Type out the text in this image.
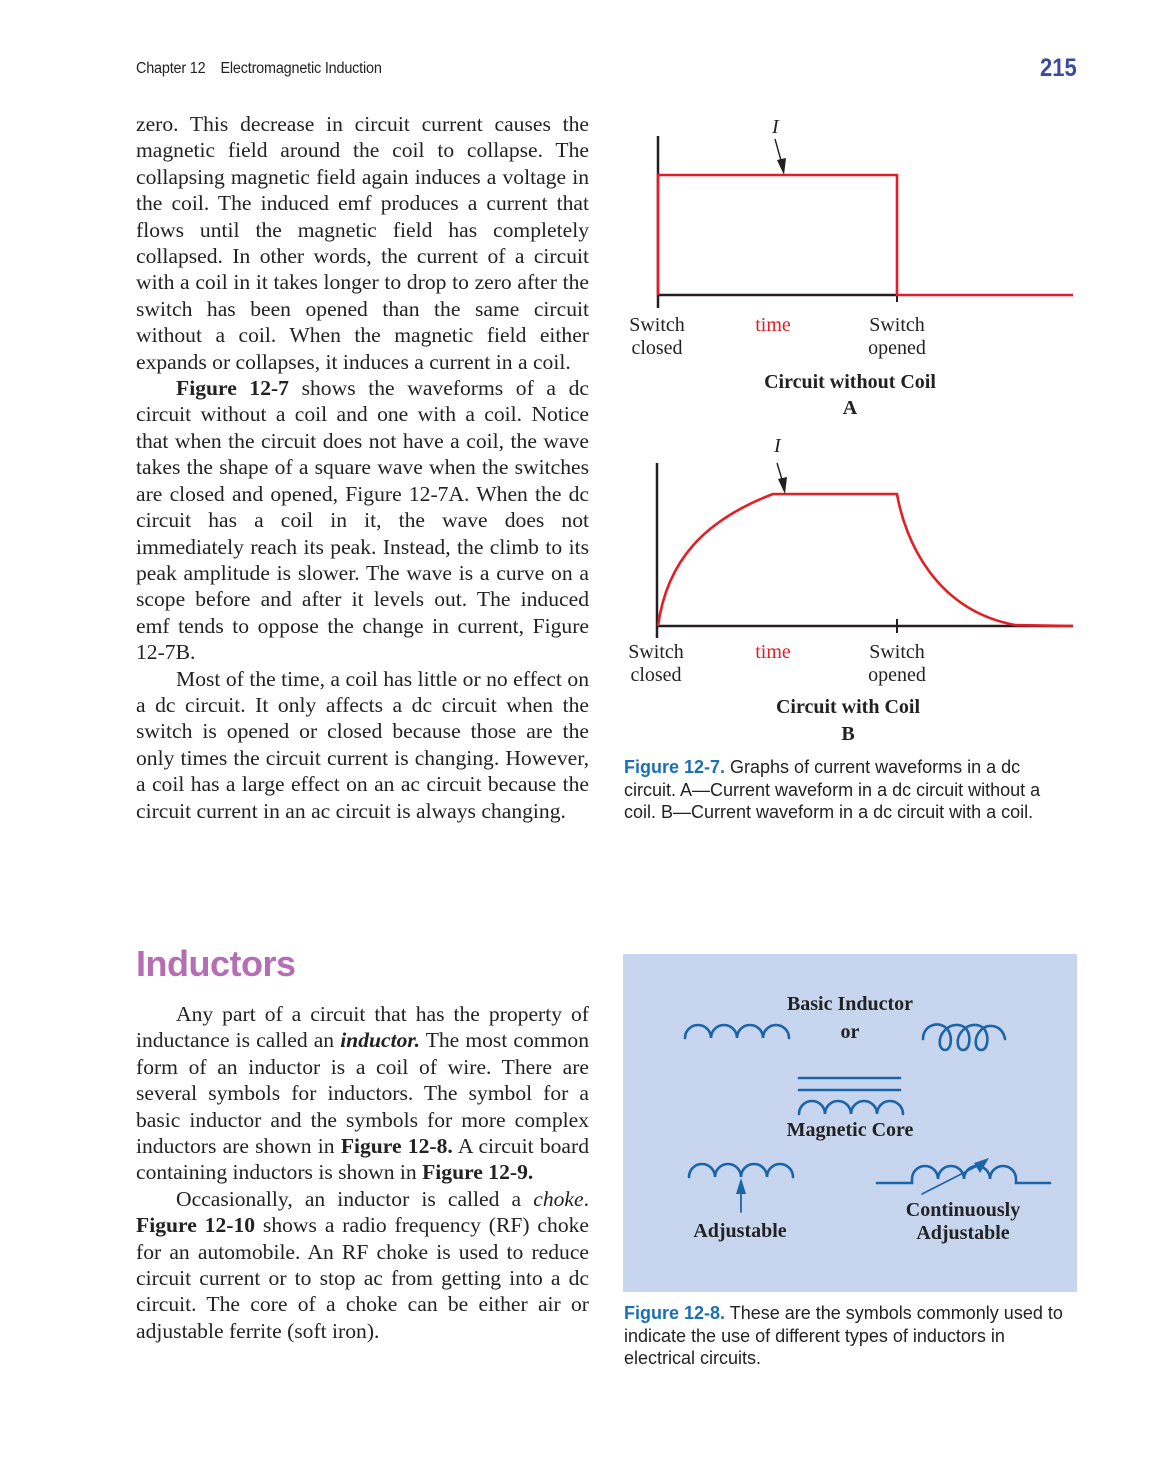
Chapter 12 Electromagnetic Induction	215

zero. This decrease in circuit current causes the magnetic field around the coil to collapse. The collapsing magnetic field again induces a voltage in the coil. The induced emf produces a current that flows until the magnetic field has completely collapsed. In other words, the current of a circuit with a coil in it takes longer to drop to zero after the switch has been opened than the same circuit without a coil. When the magnetic field either expands or collapses, it induces a current in a coil.

Figure 12-7 shows the waveforms of a dc circuit without a coil and one with a coil. Notice that when the circuit does not have a coil, the wave takes the shape of a square wave when the switches are closed and opened, Figure 12-7A. When the dc circuit has a coil in it, the wave does not immediately reach its peak. Instead, the climb to its peak amplitude is slower. The wave is a curve on a scope before and after it levels out. The induced emf tends to oppose the change in current, Figure 12-7B.

Most of the time, a coil has little or no effect on a dc circuit. It only affects a dc circuit when the switch is opened or closed because those are the only times the circuit current is changing. However, a coil has a large effect on an ac circuit because the circuit current in an ac circuit is always changing.

Inductors

Any part of a circuit that has the property of inductance is called an inductor. The most common form of an inductor is a coil of wire. There are several symbols for inductors. The symbol for a basic inductor and the symbols for more complex inductors are shown in Figure 12-8. A circuit board containing inductors is shown in Figure 12-9.

Occasionally, an inductor is called a choke. Figure 12-10 shows a radio frequency (RF) choke for an automobile. An RF choke is used to reduce circuit current or to stop ac from getting into a dc circuit. The core of a choke can be either air or adjustable ferrite (soft iron).

I
Switch
closed
time	Switch
opened
Circuit without Coil
A
I
Switch
closed
time	Switch
opened
Circuit with Coil
B
Figure 12-7. Graphs of current waveforms in a dc circuit. A—Current waveform in a dc circuit without a coil. B—Current waveform in a dc circuit with a coil.
Basic Inductor
or
Magnetic Core
Adjustable
Continuously
Adjustable
Figure 12-8. These are the symbols commonly used to indicate the use of different types of inductors in electrical circuits.
